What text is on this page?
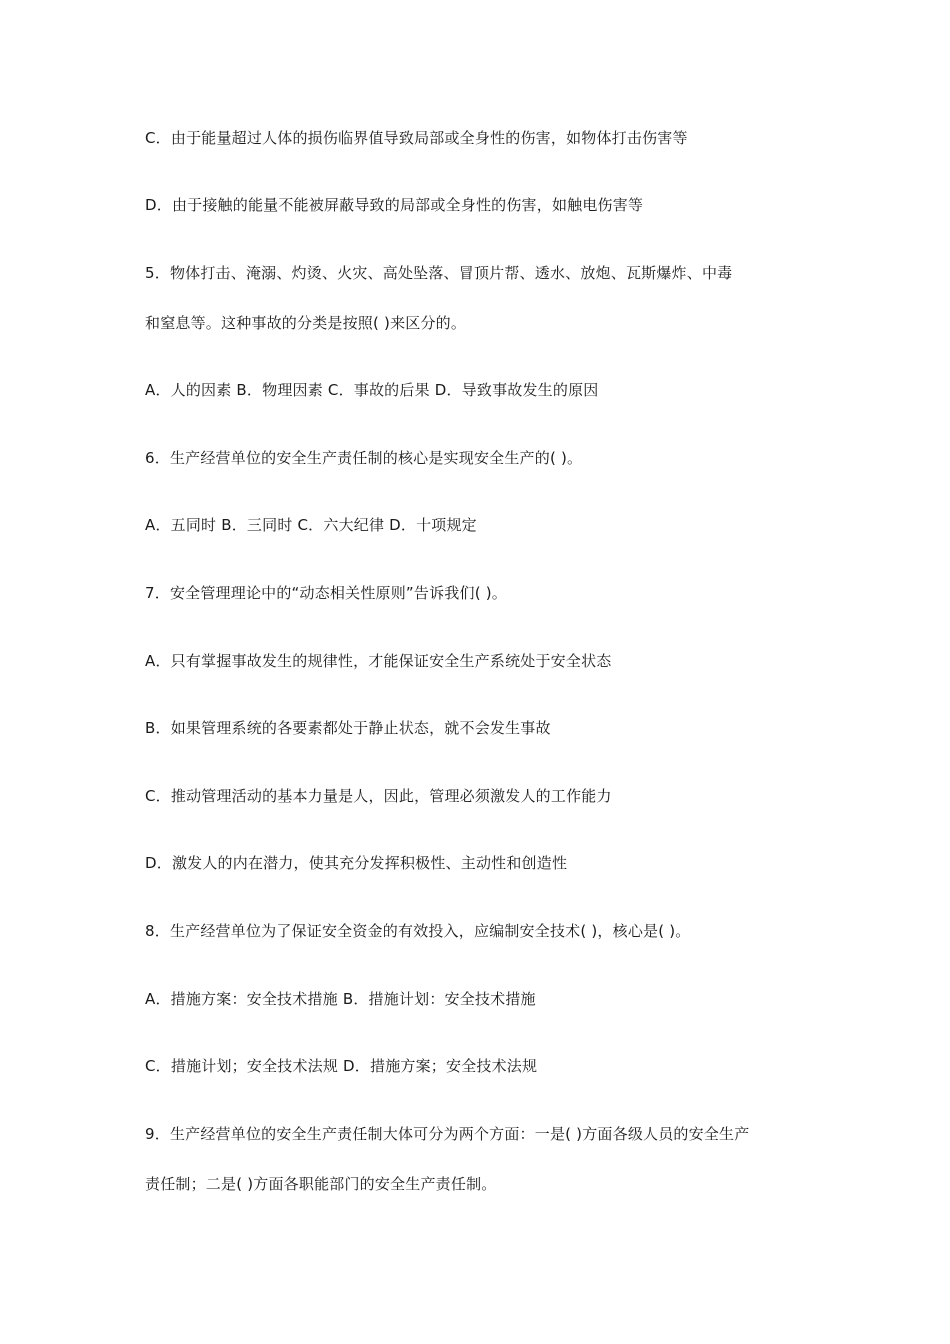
C．由于能量超过人体的损伤临界值导致局部或全身性的伤害，如物体打击伤害等
D．由于接触的能量不能被屏蔽导致的局部或全身性的伤害，如触电伤害等
5．物体打击、淹溺、灼烫、火灾、高处坠落、冒顶片帮、透水、放炮、瓦斯爆炸、中毒
和窒息等。这种事故的分类是按照( )来区分的。
A．人的因素 B．物理因素 C．事故的后果 D．导致事故发生的原因
6．生产经营单位的安全生产责任制的核心是实现安全生产的( )。
A．五同时 B．三同时 C．六大纪律 D．十项规定
7．安全管理理论中的“动态相关性原则”告诉我们( )。
A．只有掌握事故发生的规律性，才能保证安全生产系统处于安全状态
B．如果管理系统的各要素都处于静止状态，就不会发生事故
C．推动管理活动的基本力量是人，因此，管理必须激发人的工作能力
D．激发人的内在潜力，使其充分发挥积极性、主动性和创造性
8．生产经营单位为了保证安全资金的有效投入，应编制安全技术( )，核心是( )。
A．措施方案：安全技术措施 B．措施计划：安全技术措施
C．措施计划；安全技术法规 D．措施方案；安全技术法规
9．生产经营单位的安全生产责任制大体可分为两个方面：一是( )方面各级人员的安全生产
责任制；二是( )方面各职能部门的安全生产责任制。
